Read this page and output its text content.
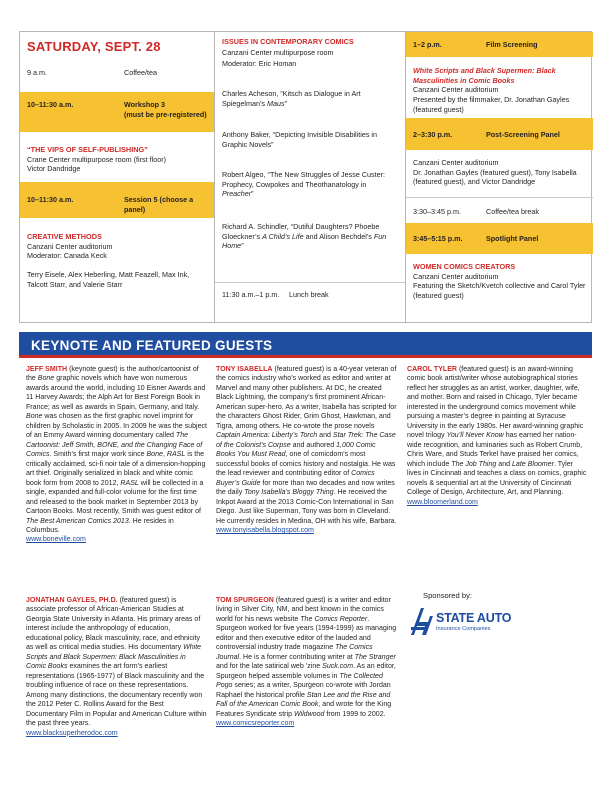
SATURDAY, SEPT. 28
9 a.m.	Coffee/tea
10–11:30 a.m.	Workshop 3
(must be pre-registered)
“THE VIPS OF SELF-PUBLISHING”
Crane Center multipurpose room (first floor)
Victor Dandridge
10–11:30 a.m.	Session 5 (choose a panel)
CREATIVE METHODS
Canzani Center auditorium
Moderator: Canada Keck
Terry Eisele, Alex Heberling, Matt Feazell, Max Ink, Talcott Starr, and Valerie Starr
ISSUES IN CONTEMPORARY COMICS
Canzani Center multipurpose room
Moderator: Eric Homan
Charles Acheson, “Kitsch as Dialogue in Art Spiegelman’s Maus”
Anthony Baker, “Depicting Invisible Disabilities in Graphic Novels”
Robert Algeo, “The New Struggles of Jesse Custer: Prophecy, Cowpokes and Theothanatology in Preacher”
Richard A. Schindler, “Dutiful Daughters? Phoebe Gloeckner’s A Child’s Life and Alison Bechdel’s Fun Home”
11:30 a.m.–1 p.m.	Lunch break
1–2 p.m.	Film Screening
White Scripts and Black Supermen: Black Masculinities in Comic Books
Canzani Center auditorium
Presented by the filmmaker, Dr. Jonathan Gayles (featured guest)
2–3:30 p.m.	Post-Screening Panel
Canzani Center auditorium
Dr. Jonathan Gayles (featured guest), Tony Isabella (featured guest), and Victor Dandridge
3:30–3:45 p.m.	Coffee/tea break
3:45–5:15 p.m.	Spotlight Panel
WOMEN COMICS CREATORS
Canzani Center auditorium
Featuring the Sketch/Kvetch collective and Carol Tyler (featured guest)
KEYNOTE AND FEATURED GUESTS
JEFF SMITH (keynote guest) is the author/cartoonist of the Bone graphic novels which have won numerous awards around the world, including 10 Eisner Awards and 11 Harvey Awards; the Alph Art for Best Foreign Book in France; as well as awards in Spain, Germany, and Italy. Bone was chosen as the first graphic novel imprint for children by Scholastic in 2005. In 2009 he was the subject of an Emmy Award winning documentary called The Cartoonist: Jeff Smith, BONE, and the Changing Face of Comics. Smith’s first major work since Bone, RASL is the critically acclaimed, sci-fi noir tale of a dimension-hopping art thief. Originally serialized in black and white comic book form from 2008 to 2012, RASL will be collected in a single, expanded and full-color volume for the first time and released to the book market in September 2013 by Cartoon Books. Most recently, Smith was guest editor of The Best American Comics 2013. He resides in Columbus.
www.boneville.com
TONY ISABELLA (featured guest) is a 40-year veteran of the comics industry who’s worked as editor and writer at Marvel and many other publishers. At DC, he created Black Lightning, the company’s first prominent African-American super-hero. As a writer, Isabella has scripted for the characters Ghost Rider, Grim Ghost, Hawkman, and Tigra, among others. He co-wrote the prose novels Captain America: Liberty’s Torch and Star Trek: The Case of the Colonist’s Corpse and authored 1,000 Comic Books You Must Read, one of comicdom’s most successful books of comics history and nostalgia. He was the lead reviewer and contributing editor of Comics Buyer’s Guide for more than two decades and now writes the daily Tony Isabella’s Bloggy Thing. He received the Inkpot Award at the 2013 Comic-Con International in San Diego. Just like Superman, Tony was born in Cleveland. He currently resides in Medina, OH with his wife, Barbara.
www.tonyisabella.blogspot.com
CAROL TYLER (featured guest) is an award-winning comic book artist/writer whose autobiographical stories reflect her struggles as an artist, worker, daughter, wife, and mother. Born and raised in Chicago, Tyler became interested in the underground comics movement while pursuing a master’s degree in painting at Syracuse University in the early 1980s. Her award-winning graphic novel trilogy You’ll Never Know has earned her nation-wide recognition, and luminaries such as Robert Crumb, Chris Ware, and Studs Terkel have praised her comics, which include The Job Thing and Late Bloomer. Tyler lives in Cincinnati and teaches a class on comics, graphic novels & sequential art at the University of Cincinnati College of Design, Architecture, Art, and Planning.
www.bloomerland.com
JONATHAN GAYLES, PH.D. (featured guest) is associate professor of African-American Studies at Georgia State University in Atlanta. His primary areas of interest include the anthropology of education, educational policy, Black masculinity, race, and ethnicity as well as critical media studies. His documentary White Scripts and Black Supermen: Black Masculinities in Comic Books examines the art form’s earliest representations (1965-1977) of Black masculinity and the troubling influence of race on these representations. Among many distinctions, the documentary recently won the 2012 Peter C. Rollins Award for the Best Documentary Film in Popular and American Culture within the past three years.
www.blacksuperherodoc.com
TOM SPURGEON (featured guest) is a writer and editor living in Silver City, NM, and best known in the comics world for his news website The Comics Reporter. Spurgeon worked for five years (1994-1999) as managing editor and then executive editor of the lauded and controversial industry trade magazine The Comics Journal. He is a former contributing writer at The Stranger and for the late satirical web ’zine Suck.com. As an editor, Spurgeon helped assemble volumes in The Collected Pogo series; as a writer, Spurgeon co-wrote with Jordan Raphael the historical profile Stan Lee and the Rise and Fall of the American Comic Book, and wrote for the King Features Syndicate strip Wildwood from 1999 to 2002.
www.comicsreporter.com
Sponsored by:
STATE AUTO
Insurance Companies
